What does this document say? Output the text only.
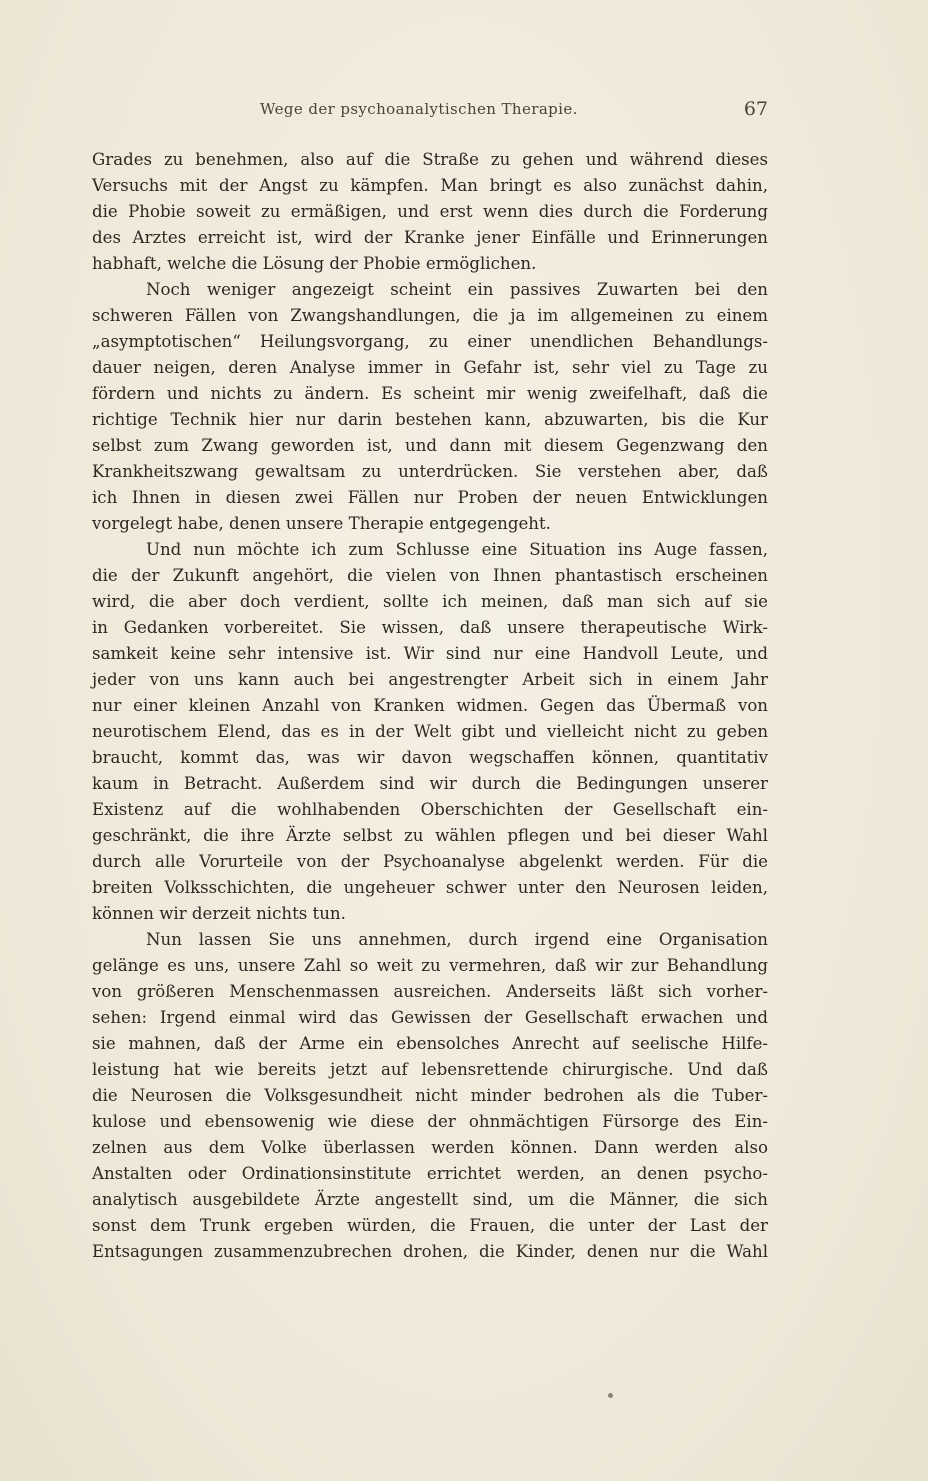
Wege der psychoanalytischen Therapie.	67
Grades zu benehmen, also auf die Straße zu gehen und während dieses
Versuchs mit der Angst zu kämpfen. Man bringt es also zunächst dahin,
die Phobie soweit zu ermäßigen, und erst wenn dies durch die Forderung
des Arztes erreicht ist, wird der Kranke jener Einfälle und Erinnerungen
habhaft, welche die Lösung der Phobie ermöglichen.
Noch weniger angezeigt scheint ein passives Zuwarten bei den
schweren Fällen von Zwangshandlungen, die ja im allgemeinen zu einem
„asymptotischen“ Heilungsvorgang, zu einer unendlichen Behandlungs-
dauer neigen, deren Analyse immer in Gefahr ist, sehr viel zu Tage zu
fördern und nichts zu ändern. Es scheint mir wenig zweifelhaft, daß die
richtige Technik hier nur darin bestehen kann, abzuwarten, bis die Kur
selbst zum Zwang geworden ist, und dann mit diesem Gegenzwang den
Krankheitszwang gewaltsam zu unterdrücken. Sie verstehen aber, daß
ich Ihnen in diesen zwei Fällen nur Proben der neuen Entwicklungen
vorgelegt habe, denen unsere Therapie entgegengeht.
Und nun möchte ich zum Schlusse eine Situation ins Auge fassen,
die der Zukunft angehört, die vielen von Ihnen phantastisch erscheinen
wird, die aber doch verdient, sollte ich meinen, daß man sich auf sie
in Gedanken vorbereitet. Sie wissen, daß unsere therapeutische Wirk-
samkeit keine sehr intensive ist. Wir sind nur eine Handvoll Leute, und
jeder von uns kann auch bei angestrengter Arbeit sich in einem Jahr
nur einer kleinen Anzahl von Kranken widmen. Gegen das Übermaß von
neurotischem Elend, das es in der Welt gibt und vielleicht nicht zu geben
braucht, kommt das, was wir davon wegschaffen können, quantitativ
kaum in Betracht. Außerdem sind wir durch die Bedingungen unserer
Existenz auf die wohlhabenden Oberschichten der Gesellschaft ein-
geschränkt, die ihre Ärzte selbst zu wählen pflegen und bei dieser Wahl
durch alle Vorurteile von der Psychoanalyse abgelenkt werden. Für die
breiten Volksschichten, die ungeheuer schwer unter den Neurosen leiden,
können wir derzeit nichts tun.
Nun lassen Sie uns annehmen, durch irgend eine Organisation
gelänge es uns, unsere Zahl so weit zu vermehren, daß wir zur Behandlung
von größeren Menschenmassen ausreichen. Anderseits läßt sich vorher-
sehen: Irgend einmal wird das Gewissen der Gesellschaft erwachen und
sie mahnen, daß der Arme ein ebensolches Anrecht auf seelische Hilfe-
leistung hat wie bereits jetzt auf lebensrettende chirurgische. Und daß
die Neurosen die Volksgesundheit nicht minder bedrohen als die Tuber-
kulose und ebensowenig wie diese der ohnmächtigen Fürsorge des Ein-
zelnen aus dem Volke überlassen werden können. Dann werden also
Anstalten oder Ordinationsinstitute errichtet werden, an denen psycho-
analytisch ausgebildete Ärzte angestellt sind, um die Männer, die sich
sonst dem Trunk ergeben würden, die Frauen, die unter der Last der
Entsagungen zusammenzubrechen drohen, die Kinder, denen nur die Wahl
